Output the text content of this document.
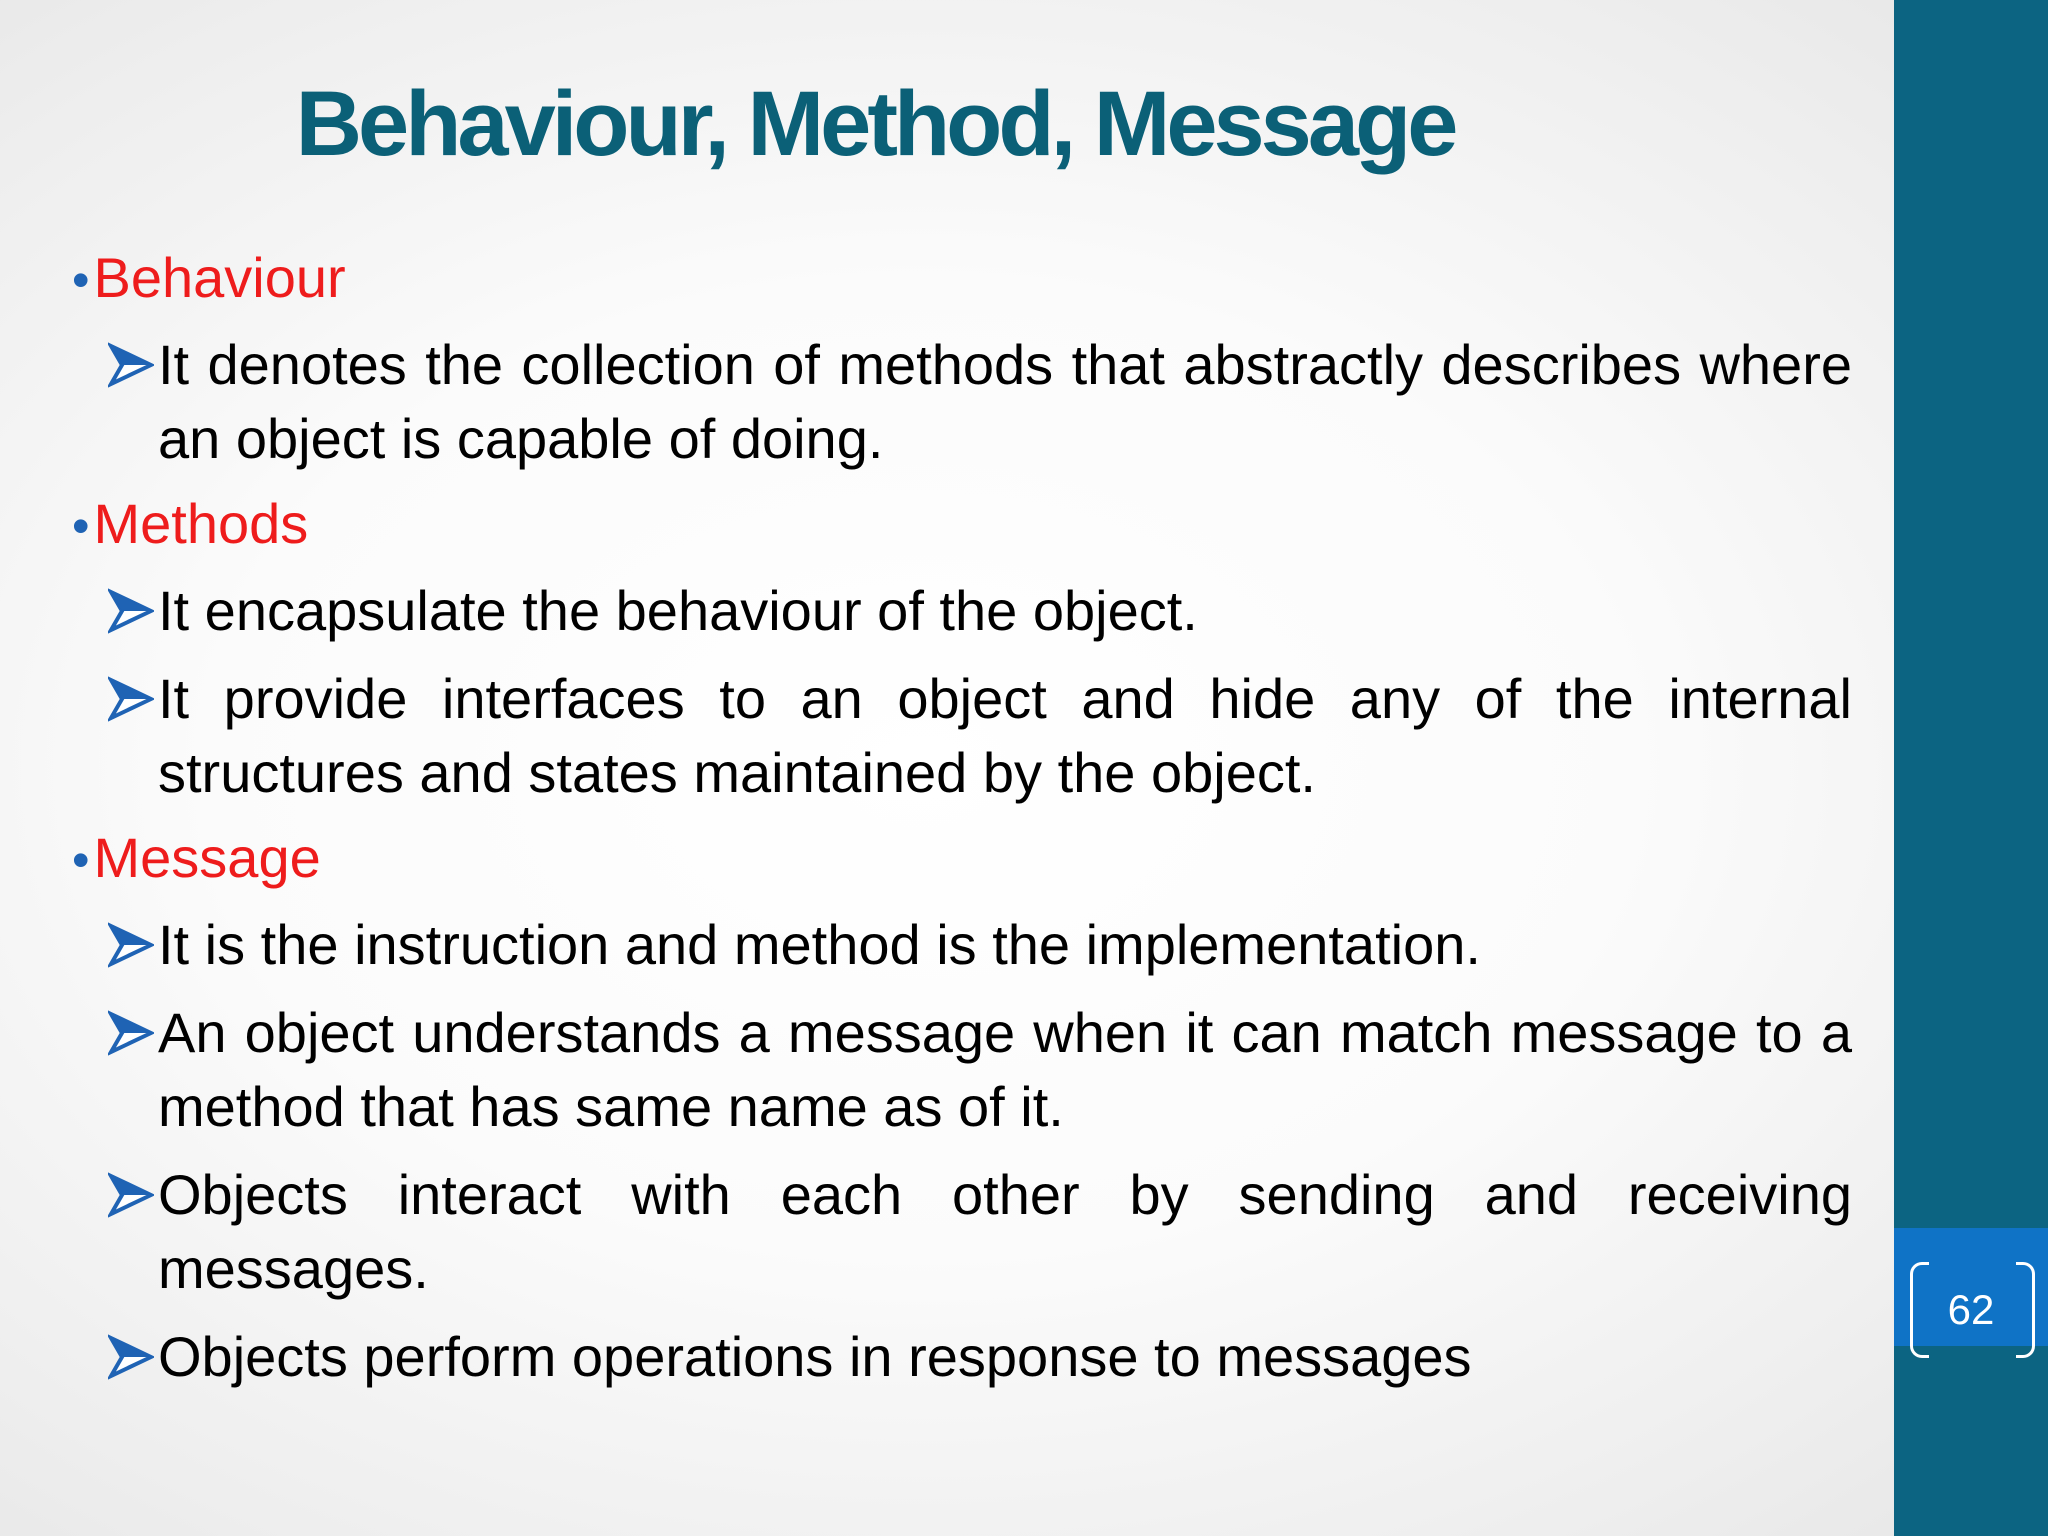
62
Behaviour, Method, Message
• Behaviour

It denotes the collection of methods that abstractly describes where an object is capable of doing.

• Methods

It encapsulate the behaviour of the object.

It provide interfaces to an object and hide any of the internal structures and states maintained by the object.

• Message

It is the instruction and method is the implementation.

An object understands a message when it can match message to a method that has same name as of it.

Objects interact with each other by sending and receiving messages.

Objects perform operations in response to messages
